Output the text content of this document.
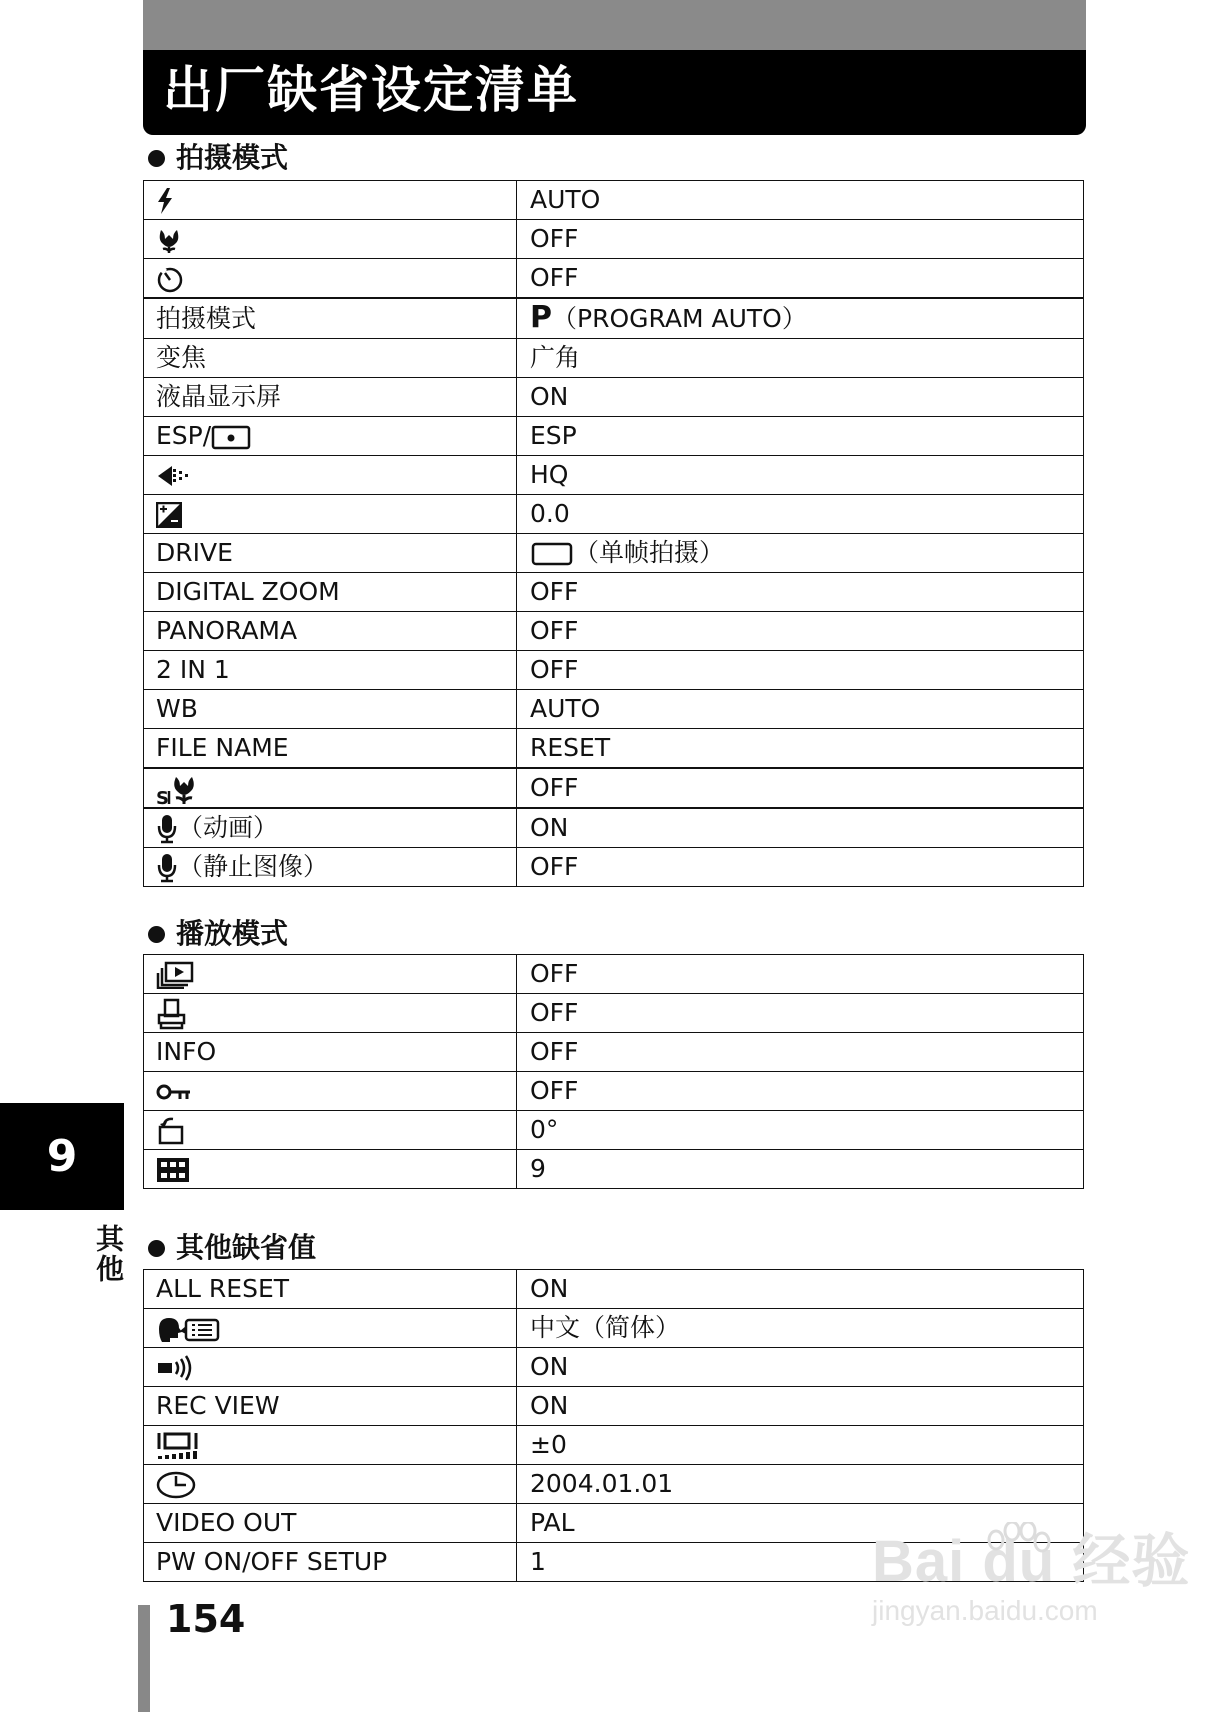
出厂缺省设定清单
拍摄模式
	AUTO

	OFF

	OFF
拍摄模式	P（PROGRAM AUTO）
变焦	广角
液晶显示屏	ON
ESP/	ESP

	HQ

	0.0
DRIVE	（单帧拍摄）
DIGITAL ZOOM	OFF
PANORAMA	OFF
2 IN 1	OFF
WB	AUTO
FILE NAME	RESET

S	OFF

（动画）	ON

（静止图像）	OFF
播放模式
	OFF

	OFF
INFO	OFF

	OFF

	0°

	9
其他缺省值
ALL RESET	ON

	中文（简体）

	ON
REC VIEW	ON

	±0

	2004.01.01
VIDEO OUT	PAL
PW ON/OFF SETUP	1
9
其他
154
Bai du 经验
jingyan.baidu.com
